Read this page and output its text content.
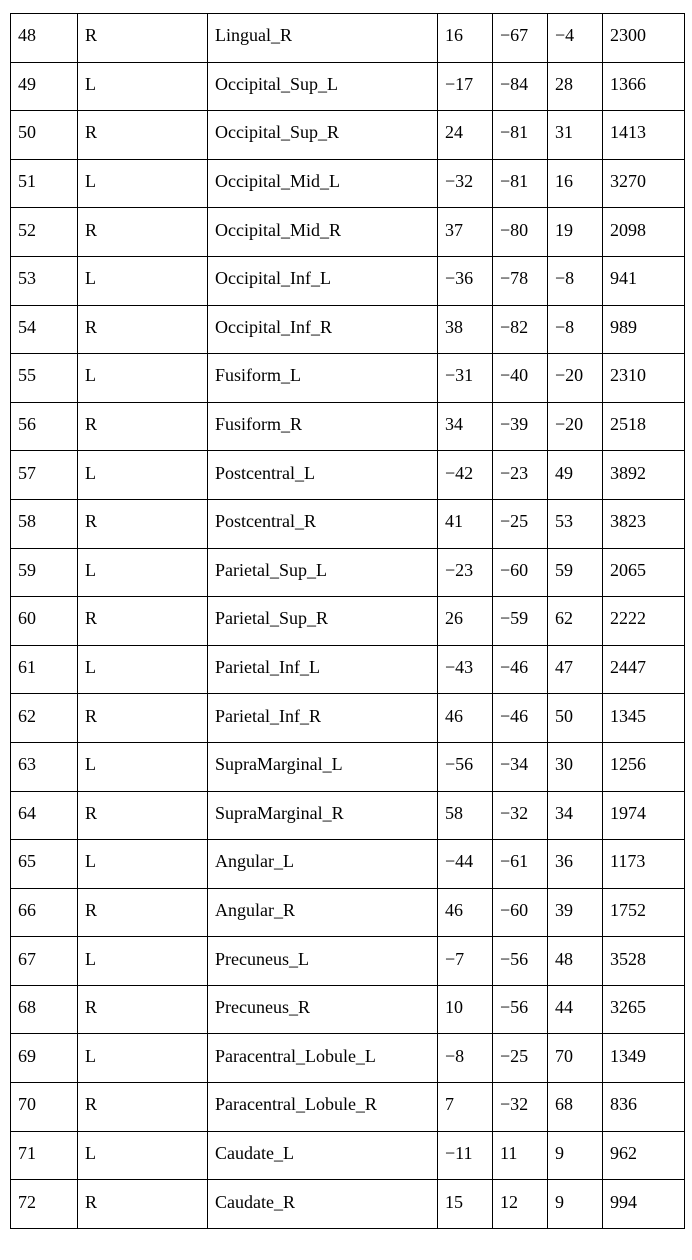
48	R	Lingual_R	16	−67	−4	2300
49	L	Occipital_Sup_L	−17	−84	28	1366
50	R	Occipital_Sup_R	24	−81	31	1413
51	L	Occipital_Mid_L	−32	−81	16	3270
52	R	Occipital_Mid_R	37	−80	19	2098
53	L	Occipital_Inf_L	−36	−78	−8	941
54	R	Occipital_Inf_R	38	−82	−8	989
55	L	Fusiform_L	−31	−40	−20	2310
56	R	Fusiform_R	34	−39	−20	2518
57	L	Postcentral_L	−42	−23	49	3892
58	R	Postcentral_R	41	−25	53	3823
59	L	Parietal_Sup_L	−23	−60	59	2065
60	R	Parietal_Sup_R	26	−59	62	2222
61	L	Parietal_Inf_L	−43	−46	47	2447
62	R	Parietal_Inf_R	46	−46	50	1345
63	L	SupraMarginal_L	−56	−34	30	1256
64	R	SupraMarginal_R	58	−32	34	1974
65	L	Angular_L	−44	−61	36	1173
66	R	Angular_R	46	−60	39	1752
67	L	Precuneus_L	−7	−56	48	3528
68	R	Precuneus_R	10	−56	44	3265
69	L	Paracentral_Lobule_L	−8	−25	70	1349
70	R	Paracentral_Lobule_R	7	−32	68	836
71	L	Caudate_L	−11	11	9	962
72	R	Caudate_R	15	12	9	994
